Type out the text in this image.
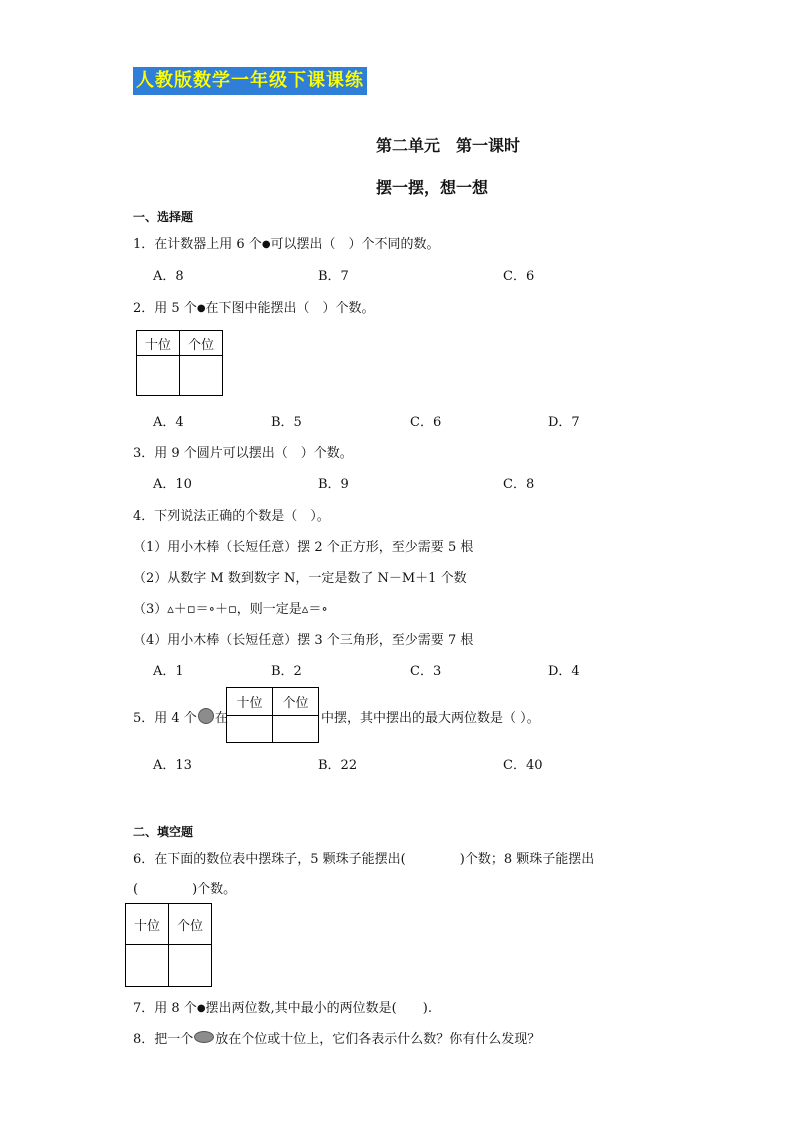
人教版数学一年级下课课练
第二单元　第一课时
摆一摆，想一想
一、选择题
1．在计数器上用 6 个●可以摆出（　）个不同的数。
A．8	B．7	C．6
2．用 5 个●在下图中能摆出（　）个数。
十位	个位

A．4	B．5	C．6	D．7
3．用 9 个圆片可以摆出（　）个数。
A．10	B．9	C．8
4．下列说法正确的个数是（　）。
（1）用小木棒（长短任意）摆 2 个正方形，至少需要 5 根
（2）从数字 M 数到数字 N，一定是数了 N－M＋1 个数
（3）▵＋▫＝∘＋▫，则一定是▵＝∘
（4）用小木棒（长短任意）摆 3 个三角形，至少需要 7 根
A．1	B．2	C．3	D．4
5．用 4 个 在
十位	个位

中摆，其中摆出的最大两位数是（ ）。
A．13	B．22	C．40
二、填空题
6．在下面的数位表中摆珠子，5 颗珠子能摆出(	)个数；8 颗珠子能摆出
(	)个数。
十位	个位

7．用 8 个●摆出两位数,其中最小的两位数是(　　).
8．把一个 放在个位或十位上，它们各表示什么数？你有什么发现？
